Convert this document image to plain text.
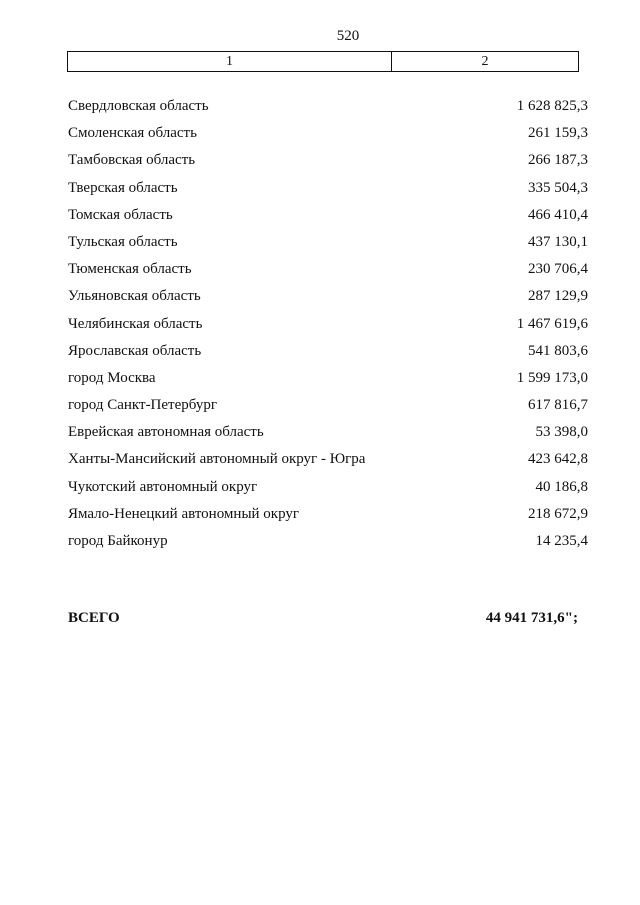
520
1	2
Свердловская область	1 628 825,3
Смоленская область	261 159,3
Тамбовская область	266 187,3
Тверская область	335 504,3
Томская область	466 410,4
Тульская область	437 130,1
Тюменская область	230 706,4
Ульяновская область	287 129,9
Челябинская область	1 467 619,6
Ярославская область	541 803,6
город Москва	1 599 173,0
город Санкт-Петербург	617 816,7
Еврейская автономная область	53 398,0
Ханты-Мансийский автономный округ - Югра	423 642,8
Чукотский автономный округ	40 186,8
Ямало-Ненецкий автономный округ	218 672,9
город Байконур	14 235,4
ВСЕГО	44 941 731,6";
